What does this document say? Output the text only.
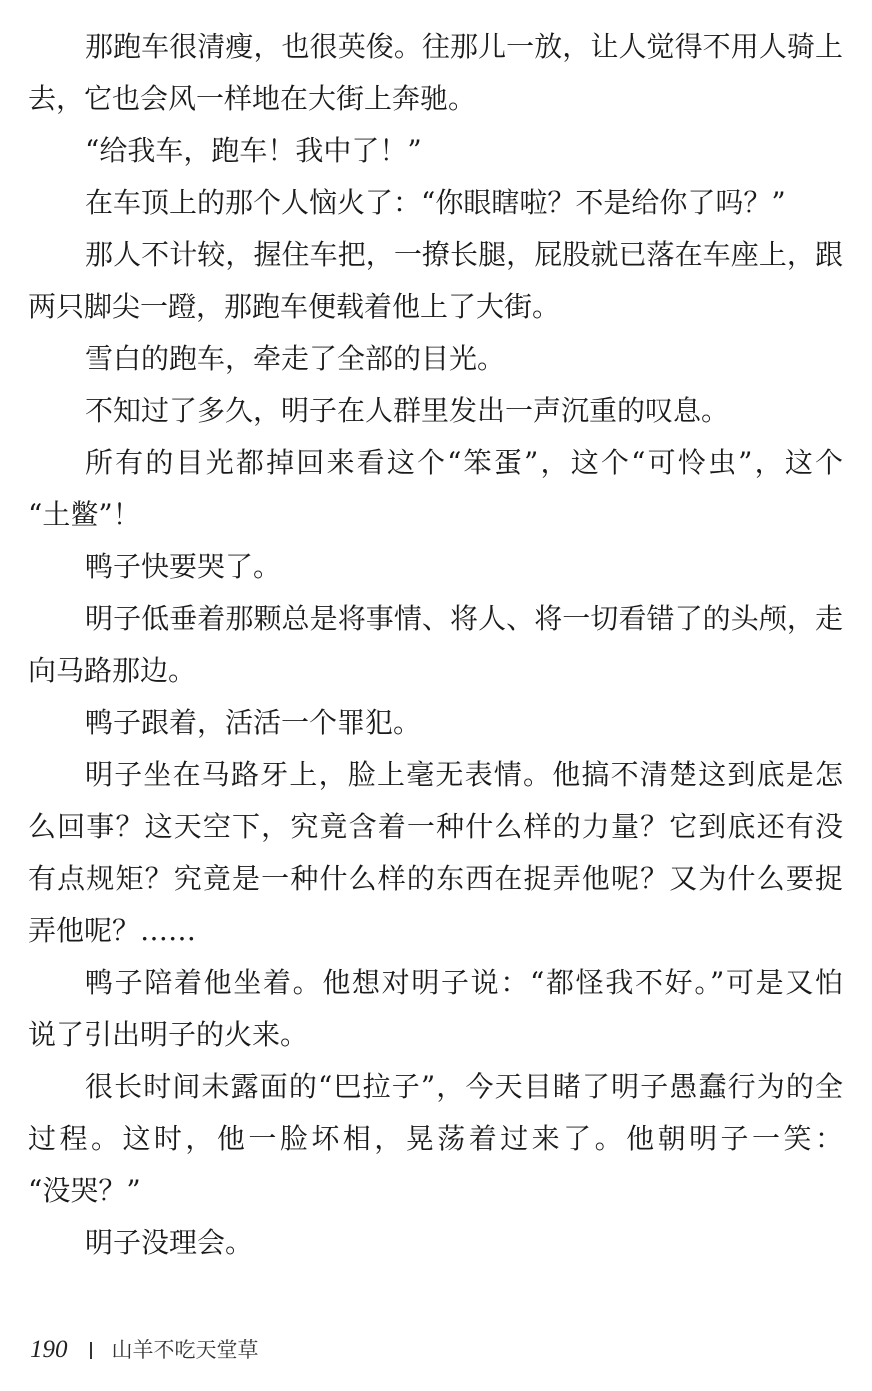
那跑车很清瘦，也很英俊。往那儿一放，让人觉得不用人骑上
去，它也会风一样地在大街上奔驰。
“给我车，跑车！我中了！”
在车顶上的那个人恼火了：“你眼瞎啦？不是给你了吗？”
那人不计较，握住车把，一撩长腿，屁股就已落在车座上，跟
两只脚尖一蹬，那跑车便载着他上了大街。
雪白的跑车，牵走了全部的目光。
不知过了多久，明子在人群里发出一声沉重的叹息。
所有的目光都掉回来看这个“笨蛋”，这个“可怜虫”，这个
“土鳖”！
鸭子快要哭了。
明子低垂着那颗总是将事情、将人、将一切看错了的头颅，走
向马路那边。
鸭子跟着，活活一个罪犯。
明子坐在马路牙上，脸上毫无表情。他搞不清楚这到底是怎
么回事？这天空下，究竟含着一种什么样的力量？它到底还有没
有点规矩？究竟是一种什么样的东西在捉弄他呢？又为什么要捉
弄他呢？……
鸭子陪着他坐着。他想对明子说：“都怪我不好。”可是又怕
说了引出明子的火来。
很长时间未露面的“巴拉子”，今天目睹了明子愚蠢行为的全
过程。这时，他一脸坏相，晃荡着过来了。他朝明子一笑：
“没哭？”
明子没理会。
190 山羊不吃天堂草
